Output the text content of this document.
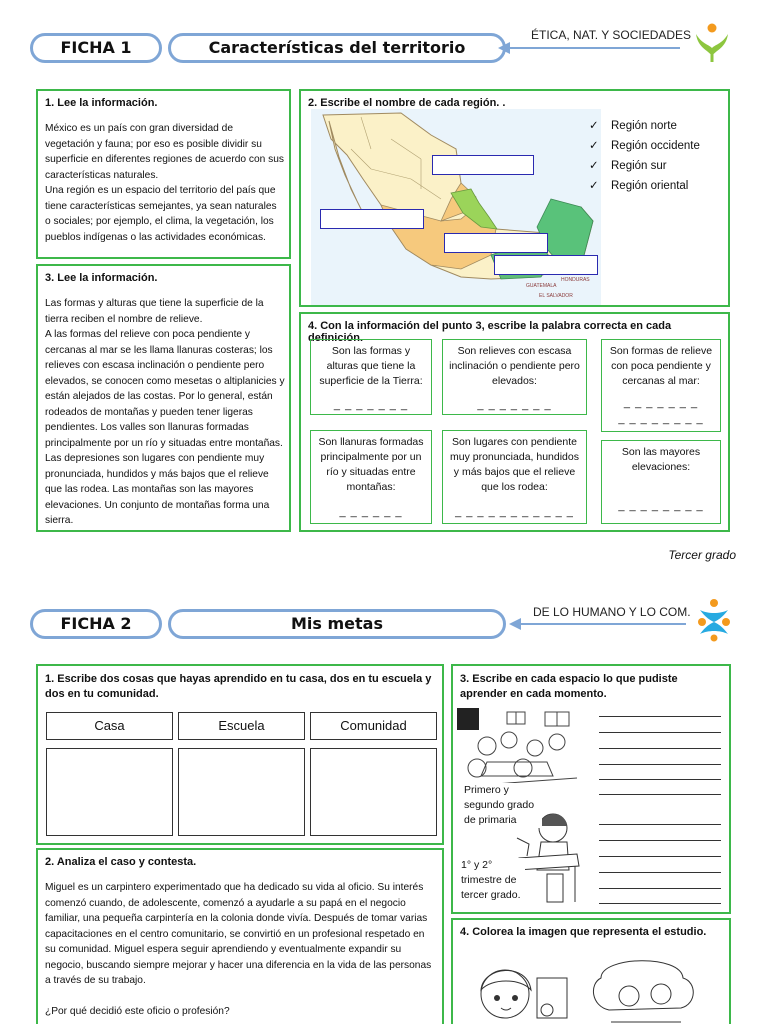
FICHA 1	Características del territorio
ÉTICA, NAT. Y SOCIEDADES
1. Lee la información.

México es un país con gran diversidad de vegetación y fauna; por eso es posible dividir su superficie en diferentes regiones de acuerdo con sus características naturales.

Una región es un espacio del territorio del país que tiene características semejantes, ya sean naturales o sociales; por ejemplo, el clima, la vegetación, los pueblos indígenas o las actividades económicas.

2. Escribe el nombre de cada región. .
GUATEMALA
HONDURAS
EL SALVADOR
✓ Región norte
✓ Región occidente
✓ Región sur
✓ Región oriental
3. Lee la información.

Las formas y alturas que tiene la superficie de la tierra reciben el nombre de relieve.

A las formas del relieve con poca pendiente y cercanas al mar se les llama llanuras costeras; los relieves con escasa inclinación o pendiente pero elevados, se conocen como mesetas o altiplanicies y están alejados de las costas. Por lo general, están rodeados de montañas y pueden tener ligeras pendientes. Los valles son llanuras formadas principalmente por un río y situadas entre montañas. Las depresiones son lugares con pendiente muy pronunciada, hundidos y más bajos que el relieve que las rodea. Las montañas son las mayores elevaciones. Un conjunto de montañas forma una sierra.

4. Con la información del punto 3, escribe la palabra correcta en cada definición.
Son las formas y alturas que tiene la superficie de la Tierra:
_ _ _ _ _ _ _
Son relieves con escasa inclinación o pendiente pero elevados:
_ _ _ _ _ _ _
Son formas de relieve con poca pendiente y cercanas al mar:
_ _ _ _ _ _ _
_ _ _ _ _ _ _ _
Son llanuras formadas principalmente por un río y situadas entre montañas:
_ _ _ _ _ _
Son lugares con pendiente muy pronunciada, hundidos y más bajos que el relieve que los rodea:
_ _ _ _ _ _ _ _ _ _ _
Son las mayores elevaciones:
_ _ _ _ _ _ _ _
Tercer grado
FICHA 2	Mis metas
DE LO HUMANO Y LO COM.
1. Escribe dos cosas que hayas aprendido en tu casa, dos en tu escuela y dos en tu comunidad.
Casa	Escuela	Comunidad
2. Analiza el caso y contesta.

Miguel es un carpintero experimentado que ha dedicado su vida al oficio. Su interés comenzó cuando, de adolescente, comenzó a ayudarle a su papá en el negocio familiar, una pequeña carpintería en la colonia donde vivía. Después de tomar varias capacitaciones en el centro comunitario, se convirtió en un profesional respetado en su comunidad. Miguel espera seguir aprendiendo y eventualmente expandir su negocio, buscando siempre mejorar y hacer una diferencia en la vida de las personas a través de su trabajo.

¿Por qué decidió este oficio o profesión?

3. Escribe en cada espacio lo que pudiste aprender en cada momento.
Primero y segundo grado de primaria
1° y 2° trimestre de tercer grado.
4. Colorea la imagen que representa el estudio.
